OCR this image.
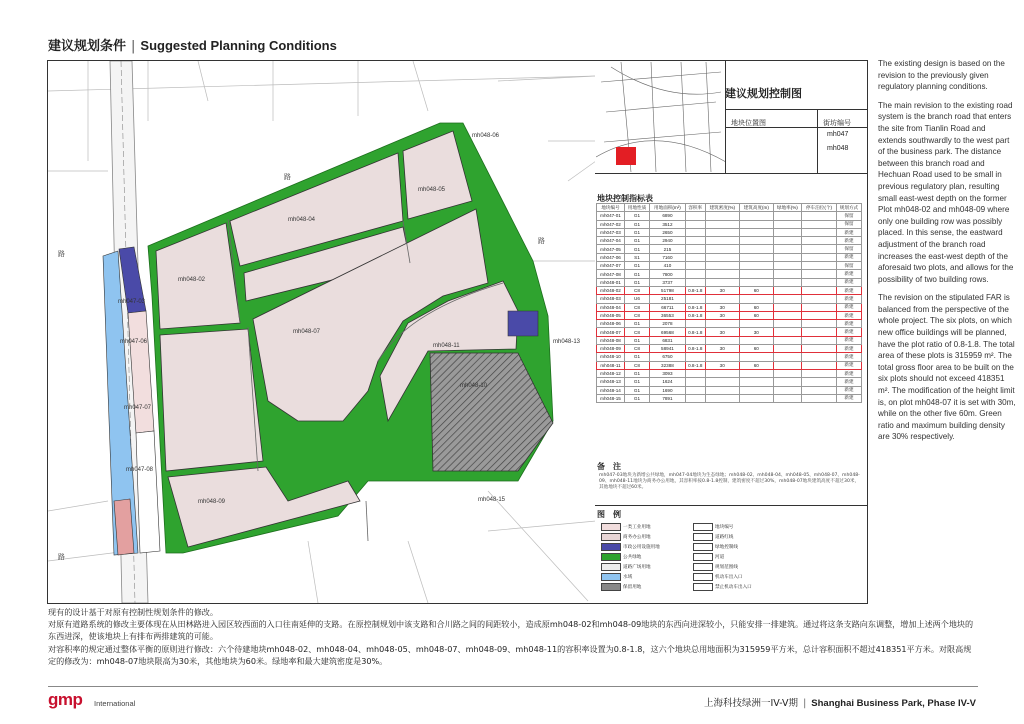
建议规划条件 | Suggested Planning Conditions
mh048-04
mh048-05
mh048-02
mh048-07
mh048-11
mh048-09
mh048-10
mh048-06
mh048-13
mh048-15
mh047-03
mh047-06
mh047-07
mh047-08
路
路
路
路
建议规划控制图
地块位置图	街坊编号
mh047
mh048
地块控制指标表
地块编号	用地性质	用地面积(m²)	容积率	建筑密度(%)	建筑高度(m)	绿地率(%)	停车泊位(个)	规划方式
mh047-01	G1	6890						保留
mh047-02	G1	3512						保留
mh047-03	G1	2650						新建
mh047-04	G1	2940						新建
mh047-05	G1	215						保留
mh047-06	S1	7160						新建
mh047-07	G1	410						保留
mh047-08	G1	7800						新建
mh048-01	G1	3737						新建
mh048-02	C8	51798	0.8-1.8	30	60			新建
mh048-03	U6	25181						新建
mh048-04	C8	66711	0.8-1.8	30	60			新建
mh048-05	C8	36553	0.8-1.8	30	60			新建
mh048-06	G1	2078						新建
mh048-07	C8	69568	0.8-1.8	30	30			新建
mh048-08	G1	6831						新建
mh048-09	C8	58941	0.8-1.8	30	60			新建
mh048-10	G1	6750						新建
mh048-11	C8	32388	0.8-1.8	30	60			新建
mh048-12	G1	3093						新建
mh048-13	G1	1624						新建
mh048-14	G1	1690						新建
mh048-15	G1	7891						新建
备　注
mh047-03地块为新增公共绿地，mh047-04地块为生态绿地；mh048-02、mh048-04、mh048-05、mh048-07、mh048-09、mh048-11地块为商务办公用地，其容积率按0.8-1.8控制，建筑密度不超过30%，mh048-07地块建筑高度不超过30米，其他地块不超过60米。
图　例
一类工业用地
商务办公用地
市政公用设施用地
公共绿地
道路广场用地
水域
保留用地
地块编号
道路红线
绿地控制线
河道
规划范围线
机动车出入口
禁止机动车出入口

The existing design is based on the revision to the previously given regulatory planning conditions.

The main revision to the existing road system is the branch road that enters the site from Tianlin Road and extends southwardly to the west part of the business park. The distance between this branch road and Hechuan Road used to be small in previous regulatory plan, resulting small east-west depth on the former Plot mh048-02 and mh048-09 where only one building row was possibly placed. In this sense, the eastward adjustment of the branch road increases the east-west depth of the aforesaid two plots, and allows for the possibility of two building rows.

The revision on the stipulated FAR is balanced from the perspective of the whole project. The six plots, on which new office buildings will be planned, have the plot ratio of 0.8-1.8. The total area of these plots is 315959 m². The total gross floor area to be built on the six plots should not exceed 418351 m². The modification of the height limit is, on plot mh048-07 it is set with 30m, while on the other five 60m. Green ratio and maximum building density are 30% respectively.

现有的设计基于对原有控制性规划条件的修改。

对原有道路系统的修改主要体现在从田林路进入园区较西面的入口往南延伸的支路。在原控制规划中该支路和合川路之间的间距较小，造成原mh048-02和mh048-09地块的东西向进深较小，只能安排一排建筑。通过将这条支路向东调整，增加上述两个地块的东西进深，使该地块上有排布两排建筑的可能。

对容积率的规定通过整体平衡的原则进行修改：六个待建地块mh048-02、mh048-04、mh048-05、mh048-07、mh048-09、mh048-11的容积率设置为0.8-1.8，这六个地块总用地面积为315959平方米，总计容积面积不超过418351平方米。对限高规定的修改为：mh048-07地块限高为30米，其他地块为60米。绿地率和最大建筑密度是30%。

gmp International	上海科技绿洲一IV-V期 | Shanghai Business Park, Phase IV-V
